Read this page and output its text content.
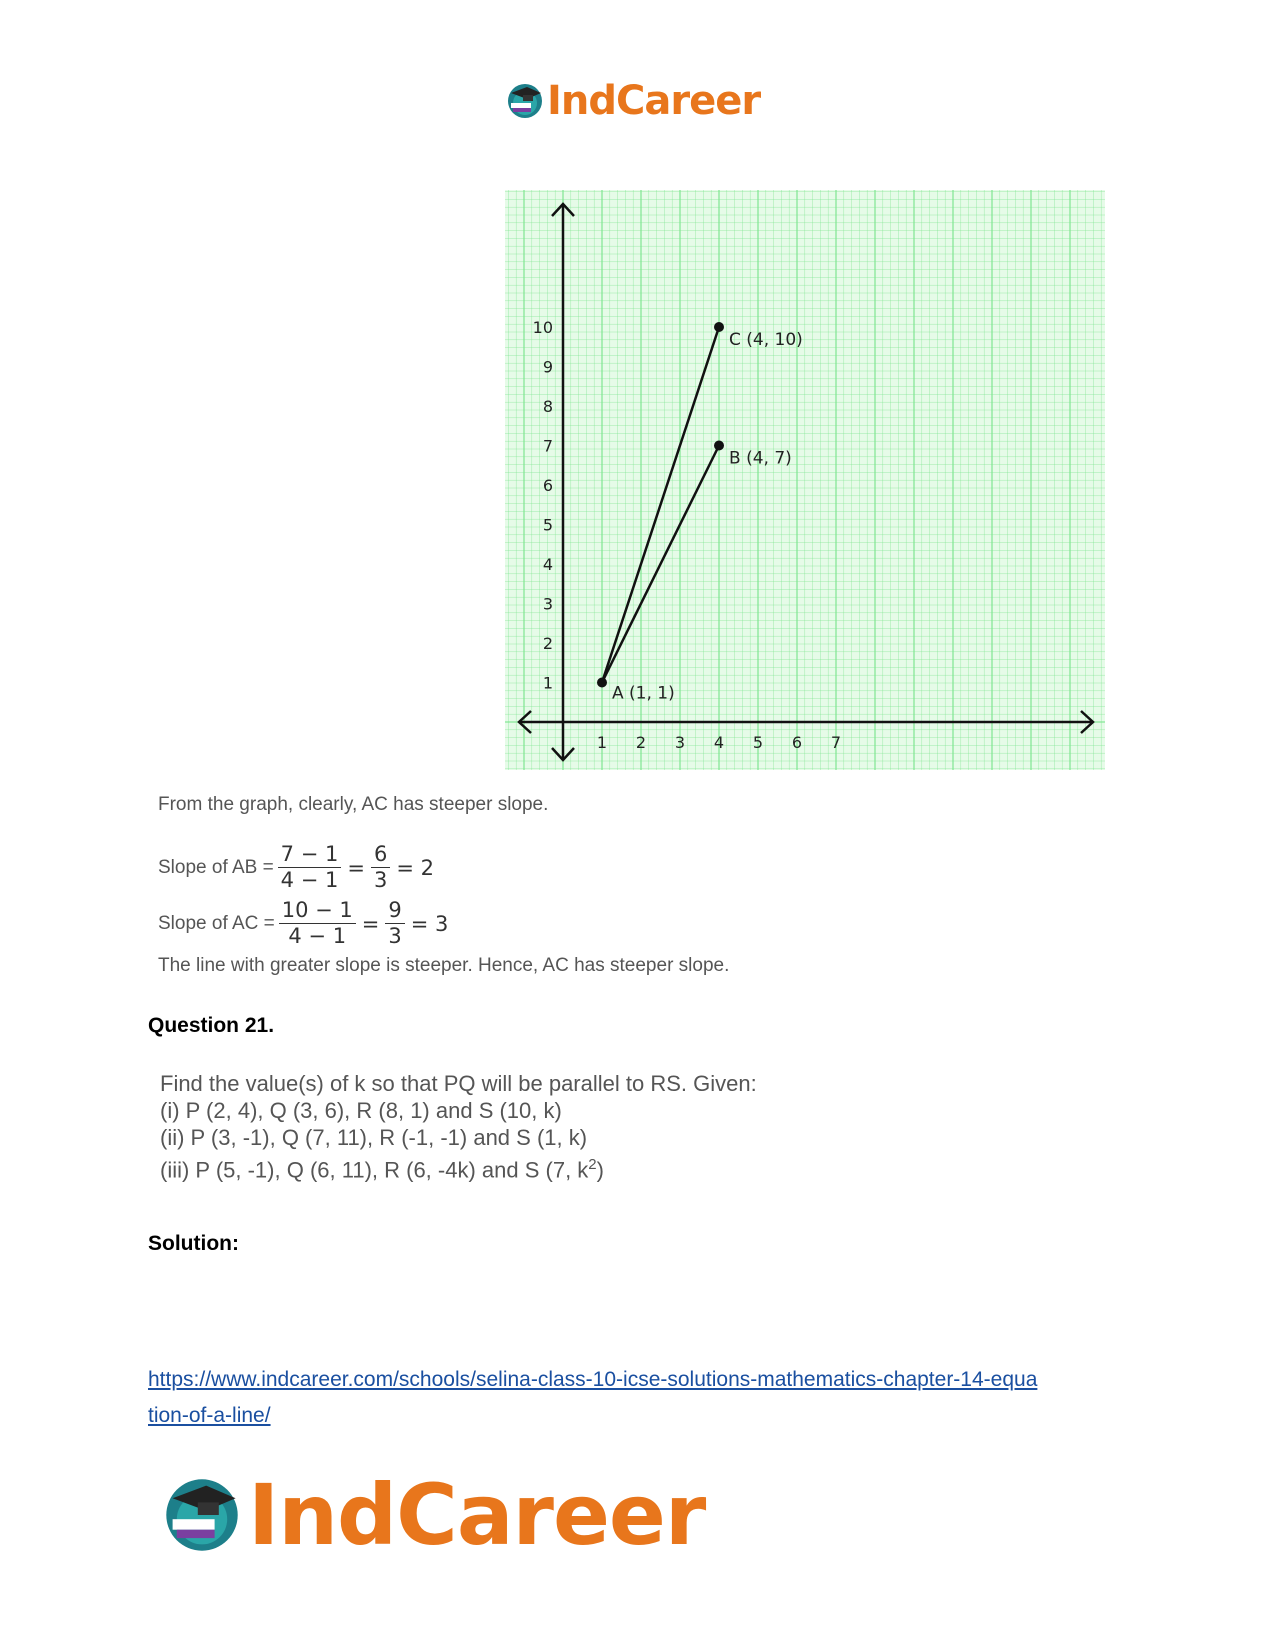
IndCareer
1
2
3
4
5
6
7
8
9
10
1 2 3 4 5 6 7
A (1, 1)
B (4, 7)
C (4, 10)
From the graph, clearly, AC has steeper slope.
Slope of AB = $\frac{7 - 1}{4 - 1} = \frac{6}{3} = 2$
Slope of AC = $\frac{10 - 1}{4 - 1} = \frac{9}{3} = 3$
The line with greater slope is steeper. Hence, AC has steeper slope.
Question 21.
Find the value(s) of k so that PQ will be parallel to RS. Given:
(i) P (2, 4), Q (3, 6), R (8, 1) and S (10, k)
(ii) P (3, -1), Q (7, 11), R (-1, -1) and S (1, k)
(iii) P (5, -1), Q (6, 11), R (6, -4k) and S (7, $k^2$)
Solution:
https://www.indcareer.com/schools/selina-class-10-icse-solutions-mathematics-chapter-14-equa
tion-of-a-line/
IndCareer
